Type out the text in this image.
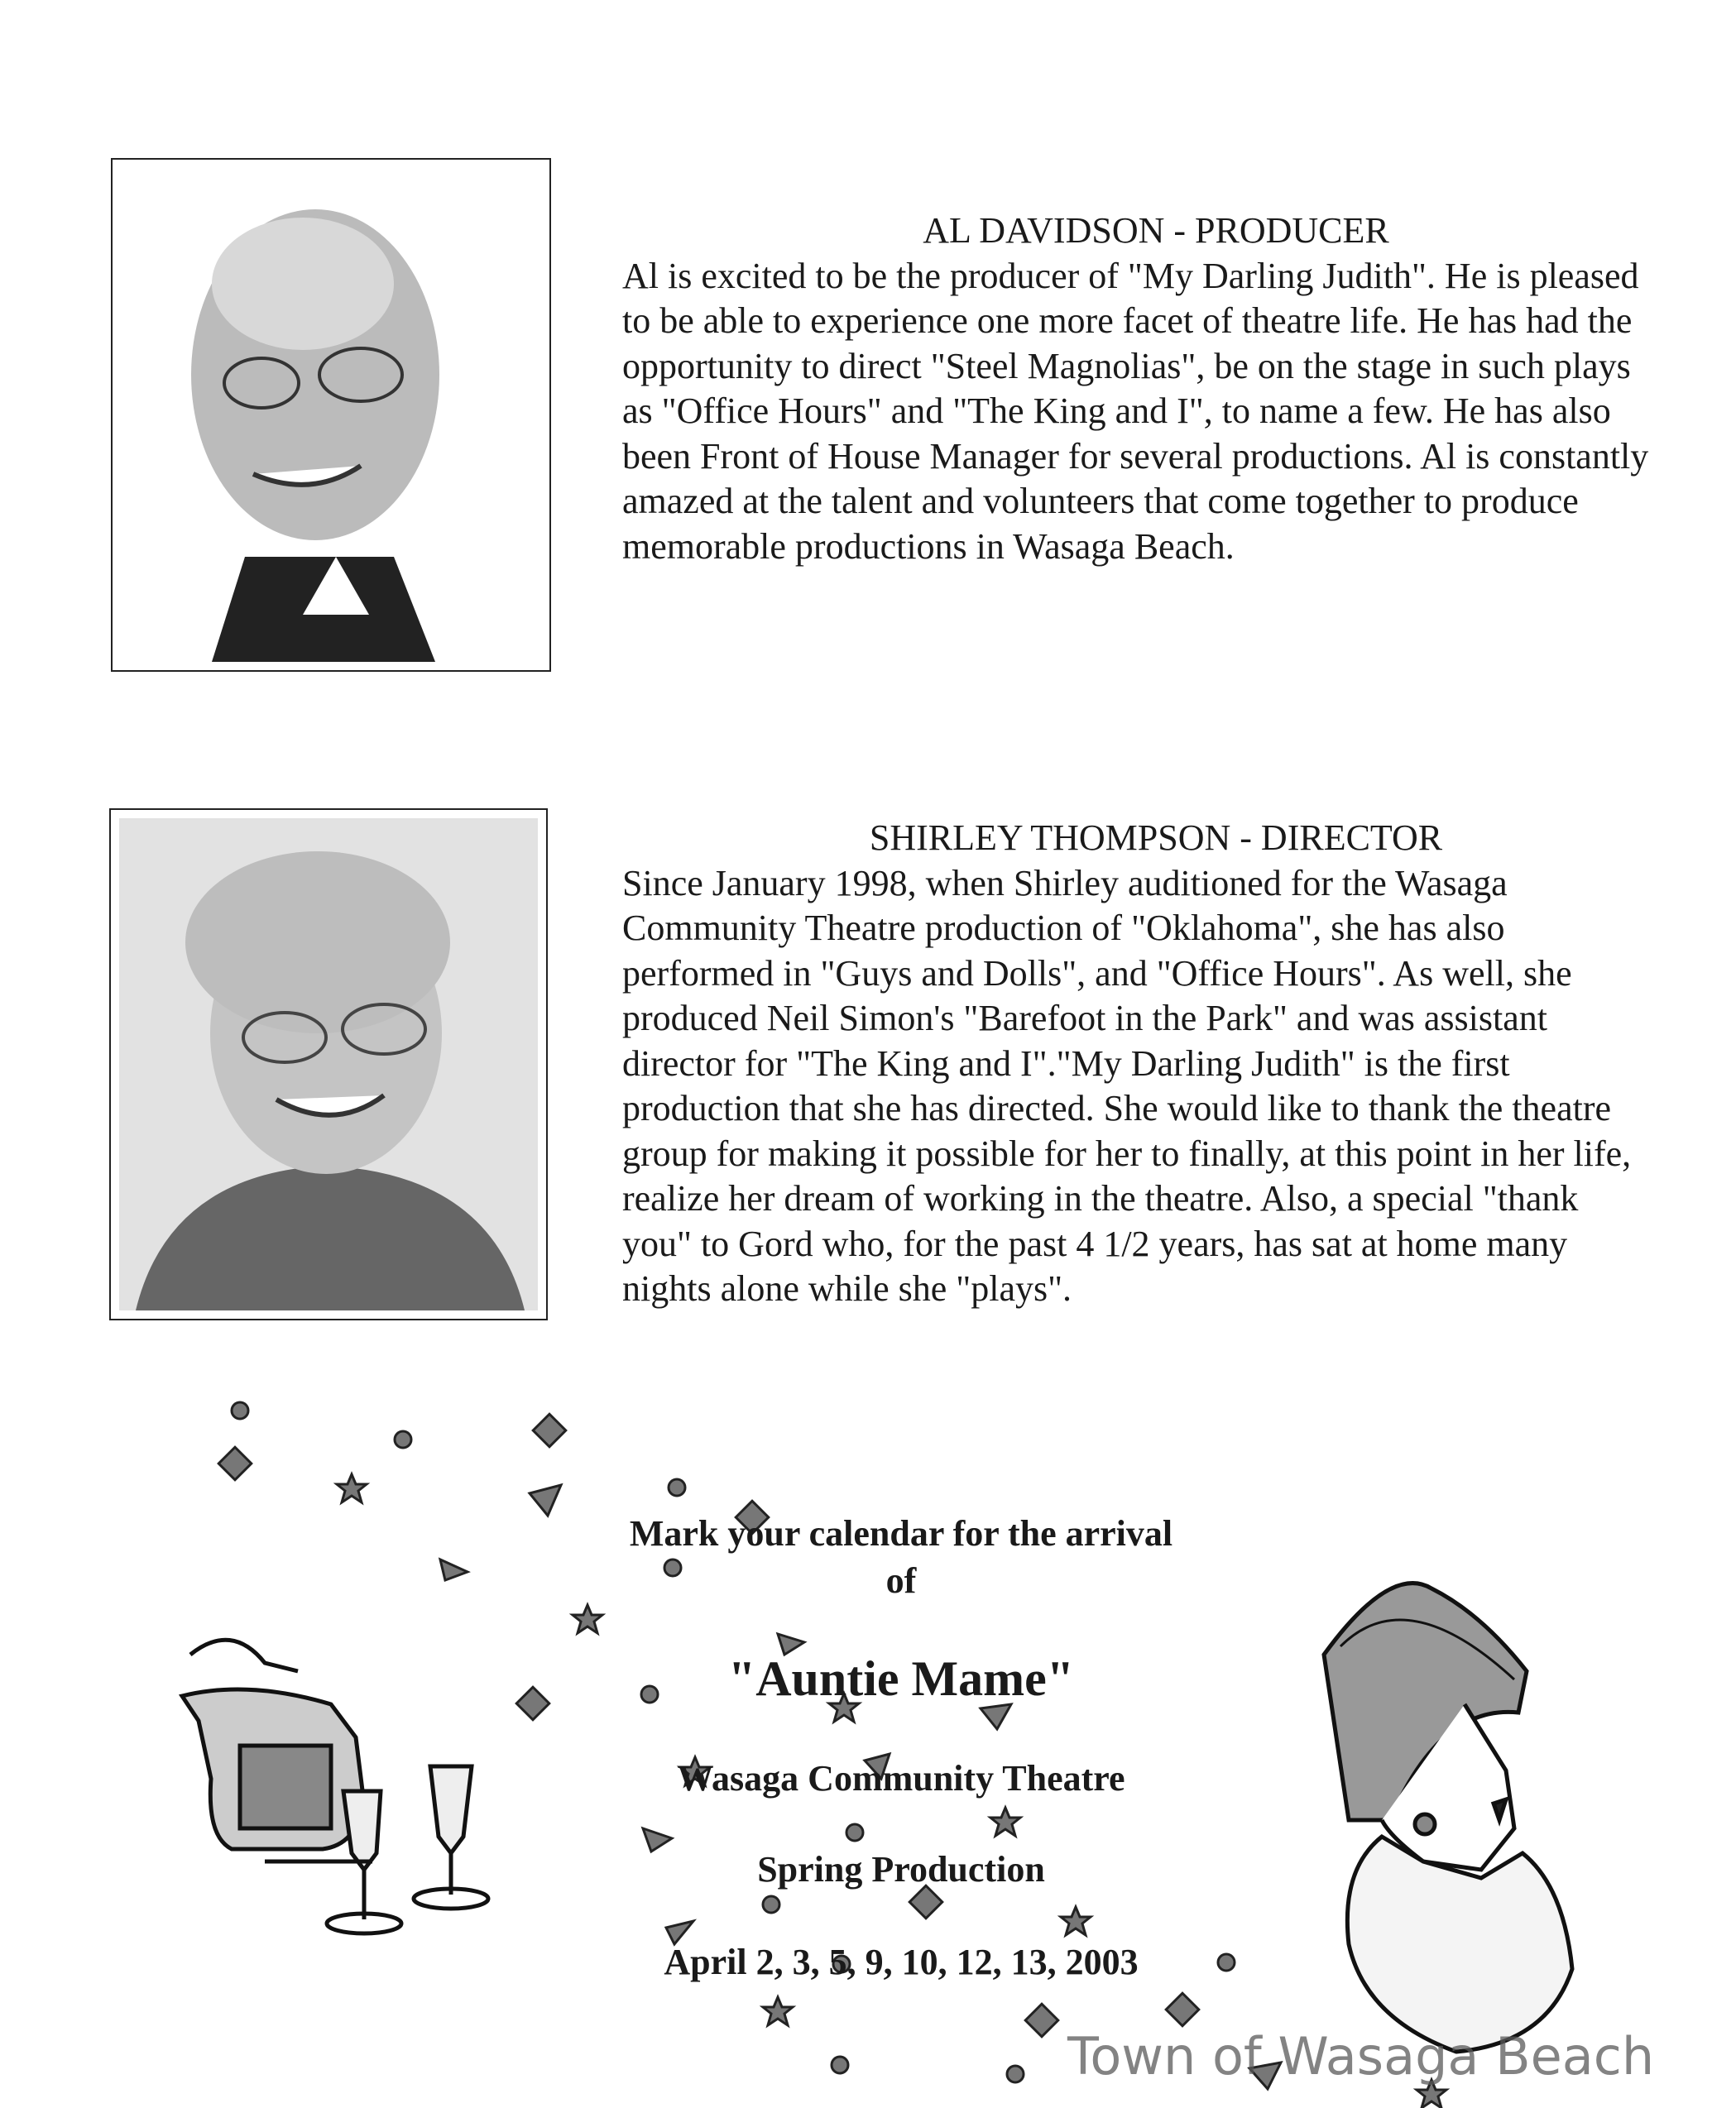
AL DAVIDSON - PRODUCER

Al is excited to be the producer of "My Darling Judith". He is pleased to be able to experience one more facet of theatre life. He has had the opportunity to direct "Steel Magnolias", be on the stage in such plays as "Office Hours" and "The King and I", to name a few. He has also been Front of House Manager for several productions. Al is constantly amazed at the talent and volunteers that come together to produce memorable productions in Wasaga Beach.

SHIRLEY THOMPSON - DIRECTOR

Since January 1998, when Shirley auditioned for the Wasaga Community Theatre production of "Oklahoma", she has also performed in "Guys and Dolls", and "Office Hours". As well, she produced Neil Simon's "Barefoot in the Park" and was assistant director for "The King and I"."My Darling Judith" is the first production that she has directed. She would like to thank the theatre group for making it possible for her to finally, at this point in her life, realize her dream of working in the theatre. Also, a special "thank you" to Gord who, for the past 4 1/2 years, has sat at home many nights alone while she "plays".

Mark your calendar for the arrival
of
"Auntie Mame"
Wasaga Community Theatre
Spring Production
April 2, 3, 5, 9, 10, 12, 13, 2003
Town of Wasaga Beach
